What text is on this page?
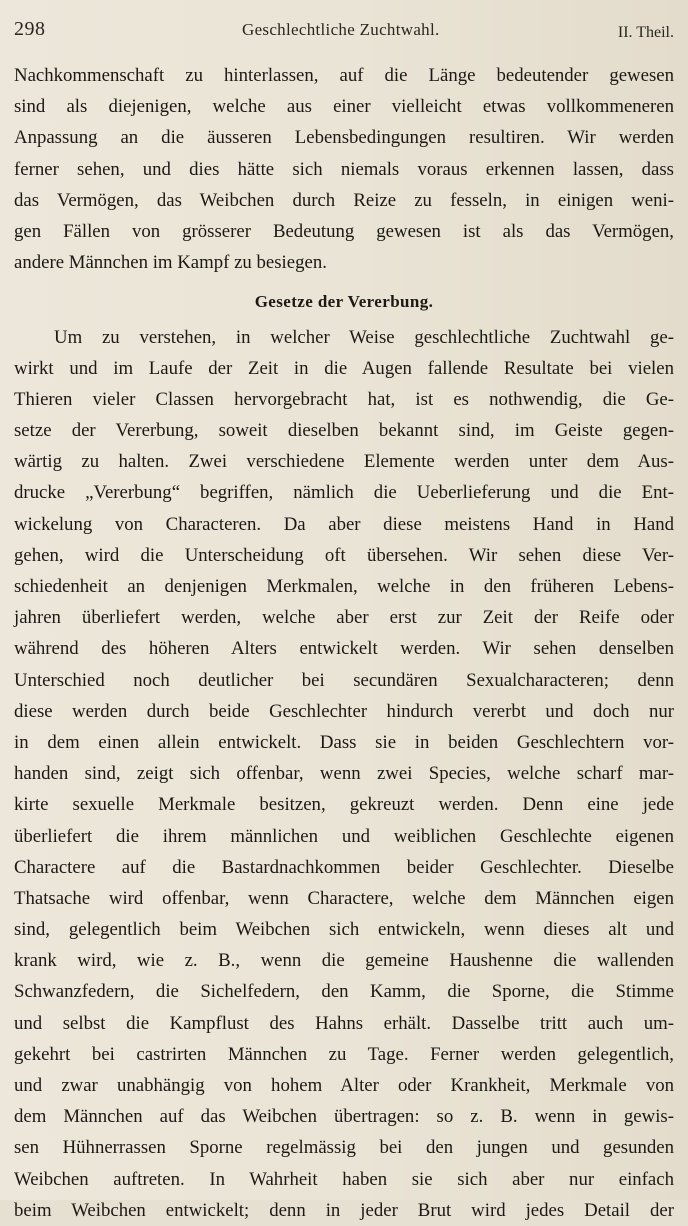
298	Geschlechtliche Zuchtwahl.	II. Theil.
Nachkommenschaft zu hinterlassen, auf die Länge bedeutender gewesen
sind als diejenigen, welche aus einer vielleicht etwas vollkommeneren
Anpassung an die äusseren Lebensbedingungen resultiren. Wir werden
ferner sehen, und dies hätte sich niemals voraus erkennen lassen, dass
das Vermögen, das Weibchen durch Reize zu fesseln, in einigen weni-
gen Fällen von grösserer Bedeutung gewesen ist als das Vermögen,
andere Männchen im Kampf zu besiegen.
Gesetze der Vererbung.
Um zu verstehen, in welcher Weise geschlechtliche Zuchtwahl ge-
wirkt und im Laufe der Zeit in die Augen fallende Resultate bei vielen
Thieren vieler Classen hervorgebracht hat, ist es nothwendig, die Ge-
setze der Vererbung, soweit dieselben bekannt sind, im Geiste gegen-
wärtig zu halten. Zwei verschiedene Elemente werden unter dem Aus-
drucke „Vererbung“ begriffen, nämlich die Ueberlieferung und die Ent-
wickelung von Characteren. Da aber diese meistens Hand in Hand
gehen, wird die Unterscheidung oft übersehen. Wir sehen diese Ver-
schiedenheit an denjenigen Merkmalen, welche in den früheren Lebens-
jahren überliefert werden, welche aber erst zur Zeit der Reife oder
während des höheren Alters entwickelt werden. Wir sehen denselben
Unterschied noch deutlicher bei secundären Sexualcharacteren; denn
diese werden durch beide Geschlechter hindurch vererbt und doch nur
in dem einen allein entwickelt. Dass sie in beiden Geschlechtern vor-
handen sind, zeigt sich offenbar, wenn zwei Species, welche scharf mar-
kirte sexuelle Merkmale besitzen, gekreuzt werden. Denn eine jede
überliefert die ihrem männlichen und weiblichen Geschlechte eigenen
Charactere auf die Bastardnachkommen beider Geschlechter. Dieselbe
Thatsache wird offenbar, wenn Charactere, welche dem Männchen eigen
sind, gelegentlich beim Weibchen sich entwickeln, wenn dieses alt und
krank wird, wie z. B., wenn die gemeine Haushenne die wallenden
Schwanzfedern, die Sichelfedern, den Kamm, die Sporne, die Stimme
und selbst die Kampflust des Hahns erhält. Dasselbe tritt auch um-
gekehrt bei castrirten Männchen zu Tage. Ferner werden gelegentlich,
und zwar unabhängig von hohem Alter oder Krankheit, Merkmale von
dem Männchen auf das Weibchen übertragen: so z. B. wenn in gewis-
sen Hühnerrassen Sporne regelmässig bei den jungen und gesunden
Weibchen auftreten. In Wahrheit haben sie sich aber nur einfach
beim Weibchen entwickelt; denn in jeder Brut wird jedes Detail der
